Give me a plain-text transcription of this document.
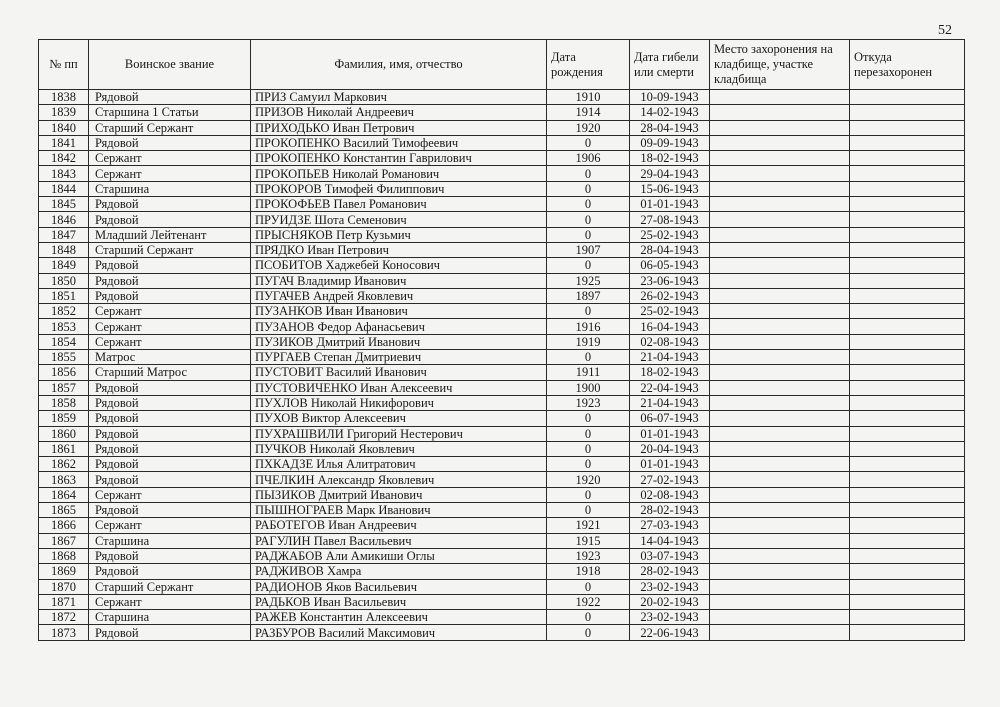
52
№ пп	Воинское звание	Фамилия, имя, отчество	Дата рождения	Дата гибели или смерти	Место захоронения на кладбище, участке кладбища	Откуда перезахоронен
1838	Рядовой	ПРИЗ Самуил Маркович	1910	10-09-1943		
1839	Старшина 1 Статьи	ПРИЗОВ Николай Андреевич	1914	14-02-1943		
1840	Старший Сержант	ПРИХОДЬКО Иван Петрович	1920	28-04-1943		
1841	Рядовой	ПРОКОПЕНКО Василий Тимофеевич	0	09-09-1943		
1842	Сержант	ПРОКОПЕНКО Константин Гаврилович	1906	18-02-1943		
1843	Сержант	ПРОКОПЬЕВ Николай Романович	0	29-04-1943		
1844	Старшина	ПРОКОРОВ Тимофей Филиппович	0	15-06-1943		
1845	Рядовой	ПРОКОФЬЕВ Павел Романович	0	01-01-1943		
1846	Рядовой	ПРУИДЗЕ Шота Семенович	0	27-08-1943		
1847	Младший Лейтенант	ПРЫСНЯКОВ Петр Кузьмич	0	25-02-1943		
1848	Старший Сержант	ПРЯДКО Иван Петрович	1907	28-04-1943		
1849	Рядовой	ПСОБИТОВ Хаджебей Коносович	0	06-05-1943		
1850	Рядовой	ПУГАЧ Владимир Иванович	1925	23-06-1943		
1851	Рядовой	ПУГАЧЕВ Андрей Яковлевич	1897	26-02-1943		
1852	Сержант	ПУЗАНКОВ Иван Иванович	0	25-02-1943		
1853	Сержант	ПУЗАНОВ Федор Афанасьевич	1916	16-04-1943		
1854	Сержант	ПУЗИКОВ Дмитрий Иванович	1919	02-08-1943		
1855	Матрос	ПУРГАЕВ Степан Дмитриевич	0	21-04-1943		
1856	Старший Матрос	ПУСТОВИТ Василий Иванович	1911	18-02-1943		
1857	Рядовой	ПУСТОВИЧЕНКО Иван Алексеевич	1900	22-04-1943		
1858	Рядовой	ПУХЛОВ Николай Никифорович	1923	21-04-1943		
1859	Рядовой	ПУХОВ Виктор Алексеевич	0	06-07-1943		
1860	Рядовой	ПУХРАШВИЛИ Григорий Нестерович	0	01-01-1943		
1861	Рядовой	ПУЧКОВ Николай Яковлевич	0	20-04-1943		
1862	Рядовой	ПХКАДЗЕ Илья Алитратович	0	01-01-1943		
1863	Рядовой	ПЧЕЛКИН Александр Яковлевич	1920	27-02-1943		
1864	Сержант	ПЫЗИКОВ Дмитрий Иванович	0	02-08-1943		
1865	Рядовой	ПЫШНОГРАЕВ Марк Иванович	0	28-02-1943		
1866	Сержант	РАБОТЕГОВ Иван Андреевич	1921	27-03-1943		
1867	Старшина	РАГУЛИН Павел Васильевич	1915	14-04-1943		
1868	Рядовой	РАДЖАБОВ Али Амикиши Оглы	1923	03-07-1943		
1869	Рядовой	РАДЖИВОВ Хамра	1918	28-02-1943		
1870	Старший Сержант	РАДИОНОВ Яков Васильевич	0	23-02-1943		
1871	Сержант	РАДЬКОВ Иван Васильевич	1922	20-02-1943		
1872	Старшина	РАЖЕВ Константин Алексеевич	0	23-02-1943		
1873	Рядовой	РАЗБУРОВ Василий Максимович	0	22-06-1943		
